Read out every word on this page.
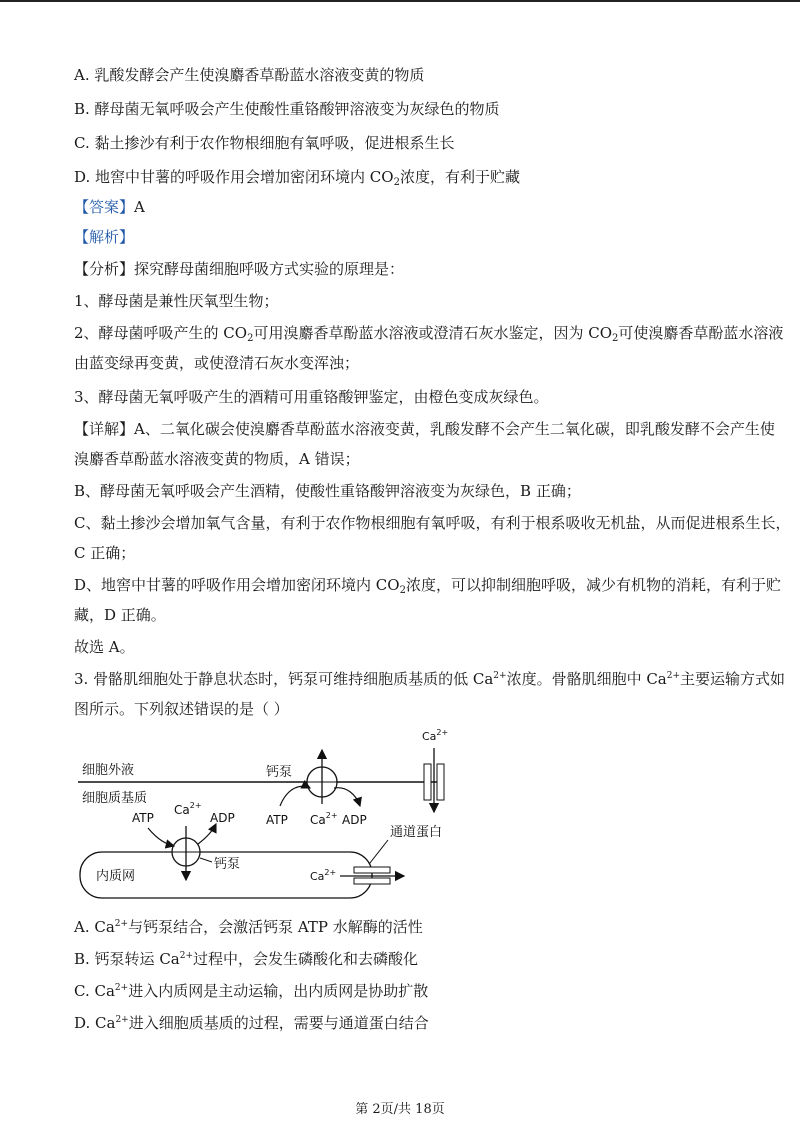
A. 乳酸发酵会产生使溴麝香草酚蓝水溶液变黄的物质
B. 酵母菌无氧呼吸会产生使酸性重铬酸钾溶液变为灰绿色的物质
C. 黏土掺沙有利于农作物根细胞有氧呼吸，促进根系生长
D. 地窖中甘薯的呼吸作用会增加密闭环境内 $CO_2$浓度，有利于贮藏
【答案】A
【解析】
【分析】探究酵母菌细胞呼吸方式实验的原理是：
1、酵母菌是兼性厌氧型生物；
2、酵母菌呼吸产生的 $CO_2$可用溴麝香草酚蓝水溶液或澄清石灰水鉴定，因为 $CO_2$可使溴麝香草酚蓝水溶液
由蓝变绿再变黄，或使澄清石灰水变浑浊；
3、酵母菌无氧呼吸产生的酒精可用重铬酸钾鉴定，由橙色变成灰绿色。
【详解】A、二氧化碳会使溴麝香草酚蓝水溶液变黄，乳酸发酵不会产生二氧化碳，即乳酸发酵不会产生使
溴麝香草酚蓝水溶液变黄的物质，A 错误；
B、酵母菌无氧呼吸会产生酒精，使酸性重铬酸钾溶液变为灰绿色，B 正确；
C、黏土掺沙会增加氧气含量，有利于农作物根细胞有氧呼吸，有利于根系吸收无机盐，从而促进根系生长，
C 正确；
D、地窖中甘薯的呼吸作用会增加密闭环境内 $CO_2$浓度，可以抑制细胞呼吸，减少有机物的消耗，有利于贮
藏，D 正确。
故选 A。
3. 骨骼肌细胞处于静息状态时，钙泵可维持细胞质基质的低 $Ca^{2+}$浓度。骨骼肌细胞中 $Ca^{2+}$主要运输方式如
图所示。下列叙述错误的是（ ）
细胞外液
细胞质基质
钙泵
ATP $Ca^{2+}$ ADP
$Ca^{2+}$
通道蛋白
内质网
ATP
$Ca^{2+}$
ADP
钙泵
$Ca^{2+}$
A. $Ca^{2+}$与钙泵结合，会激活钙泵 ATP 水解酶的活性
B. 钙泵转运 $Ca^{2+}$过程中，会发生磷酸化和去磷酸化
C. $Ca^{2+}$进入内质网是主动运输，出内质网是协助扩散
D. $Ca^{2+}$进入细胞质基质的过程，需要与通道蛋白结合
第 2页/共 18页
